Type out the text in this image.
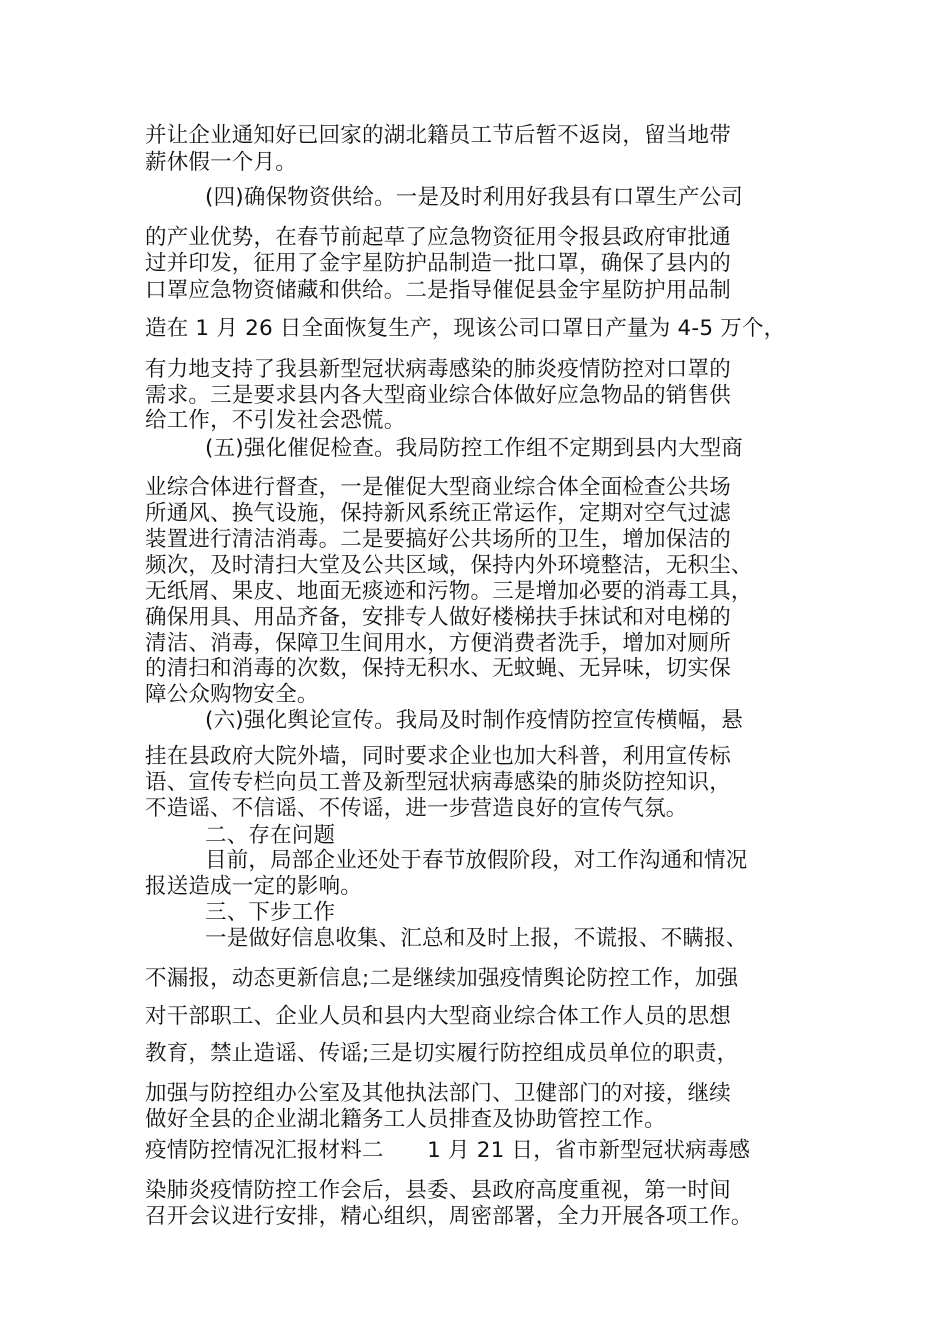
并让企业通知好已回家的湖北籍员工节后暂不返岗，留当地带
薪休假一个月。
(四)确保物资供给。一是及时利用好我县有口罩生产公司
的产业优势，在春节前起草了应急物资征用令报县政府审批通
过并印发，征用了金宇星防护品制造一批口罩，确保了县内的
口罩应急物资储藏和供给。二是指导催促县金宇星防护用品制
造在 1 月 26 日全面恢复生产，现该公司口罩日产量为 4-5 万个，
有力地支持了我县新型冠状病毒感染的肺炎疫情防控对口罩的
需求。三是要求县内各大型商业综合体做好应急物品的销售供
给工作，不引发社会恐慌。
(五)强化催促检查。我局防控工作组不定期到县内大型商
业综合体进行督查，一是催促大型商业综合体全面检查公共场
所通风、换气设施，保持新风系统正常运作，定期对空气过滤
装置进行清洁消毒。二是要搞好公共场所的卫生，增加保洁的
频次，及时清扫大堂及公共区域，保持内外环境整洁，无积尘、
无纸屑、果皮、地面无痰迹和污物。三是增加必要的消毒工具，
确保用具、用品齐备，安排专人做好楼梯扶手抹试和对电梯的
清洁、消毒，保障卫生间用水，方便消费者洗手，增加对厕所
的清扫和消毒的次数，保持无积水、无蚊蝇、无异味，切实保
障公众购物安全。
(六)强化舆论宣传。我局及时制作疫情防控宣传横幅，悬
挂在县政府大院外墙，同时要求企业也加大科普，利用宣传标
语、宣传专栏向员工普及新型冠状病毒感染的肺炎防控知识，
不造谣、不信谣、不传谣，进一步营造良好的宣传气氛。
二、存在问题
目前，局部企业还处于春节放假阶段，对工作沟通和情况
报送造成一定的影响。
三、下步工作
一是做好信息收集、汇总和及时上报，不谎报、不瞒报、
不漏报，动态更新信息;二是继续加强疫情舆论防控工作，加强
对干部职工、企业人员和县内大型商业综合体工作人员的思想
教育，禁止造谣、传谣;三是切实履行防控组成员单位的职责，
加强与防控组办公室及其他执法部门、卫健部门的对接，继续
做好全县的企业湖北籍务工人员排查及协助管控工作。
疫情防控情况汇报材料二　　1 月 21 日，省市新型冠状病毒感
染肺炎疫情防控工作会后，县委、县政府高度重视，第一时间
召开会议进行安排，精心组织，周密部署，全力开展各项工作。
